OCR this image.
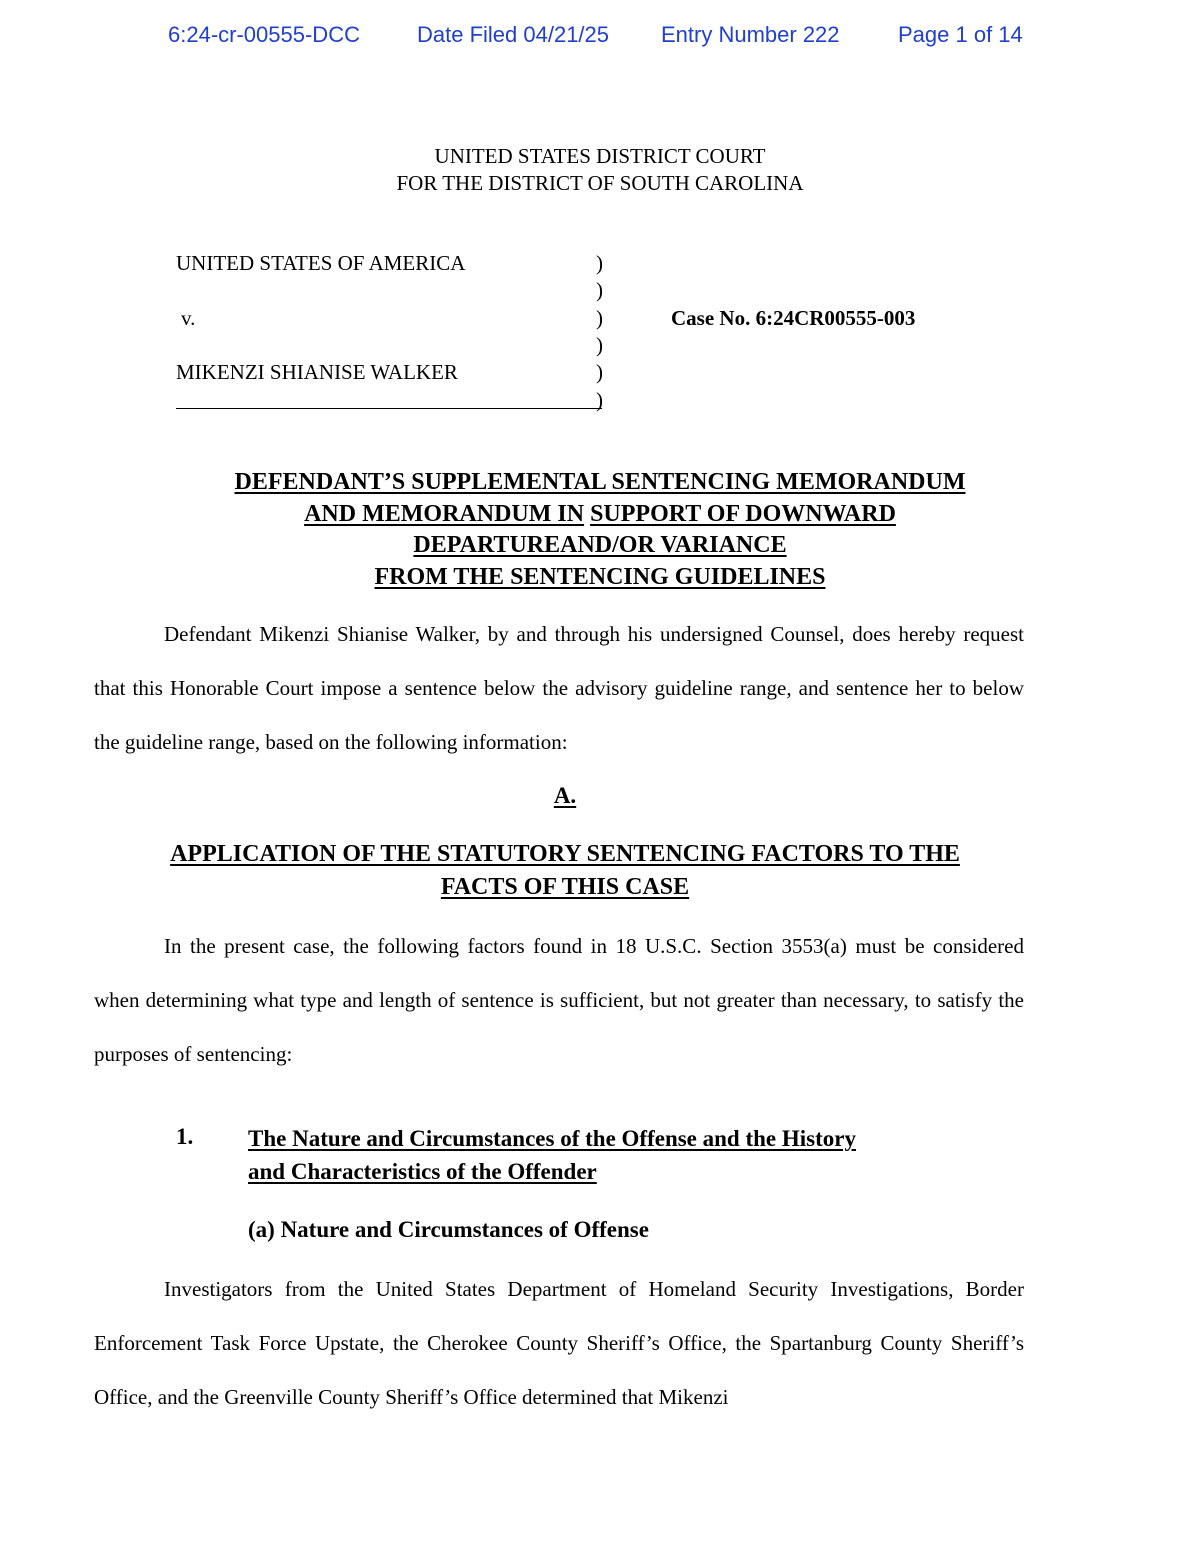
6:24-cr-00555-DCC	Date Filed 04/21/25 Entry Number 222	Page 1 of 14
UNITED STATES DISTRICT COURT
FOR THE DISTRICT OF SOUTH CAROLINA
UNITED STATES OF AMERICA
v.
MIKENZI SHIANISE WALKER
)
)
)
)
)
)
Case No. 6:24CR00555-003
DEFENDANT’S SUPPLEMENTAL SENTENCING MEMORANDUM
AND MEMORANDUM IN SUPPORT OF DOWNWARD
DEPARTUREAND/OR VARIANCE
FROM THE SENTENCING GUIDELINES

Defendant Mikenzi Shianise Walker, by and through his undersigned Counsel, does hereby request that this Honorable Court impose a sentence below the advisory guideline range, and sentence her to below the guideline range, based on the following information:

A.
APPLICATION OF THE STATUTORY SENTENCING FACTORS TO THE
FACTS OF THIS CASE

In the present case, the following factors found in 18 U.S.C. Section 3553(a) must be considered when determining what type and length of sentence is sufficient, but not greater than necessary, to satisfy the purposes of sentencing:

1. The Nature and Circumstances of the Offense and the History
and Characteristics of the Offender
(a) Nature and Circumstances of Offense

Investigators from the United States Department of Homeland Security Investigations, Border Enforcement Task Force Upstate, the Cherokee County Sheriff’s Office, the Spartanburg County Sheriff’s Office, and the Greenville County Sheriff’s Office determined that Mikenzi
